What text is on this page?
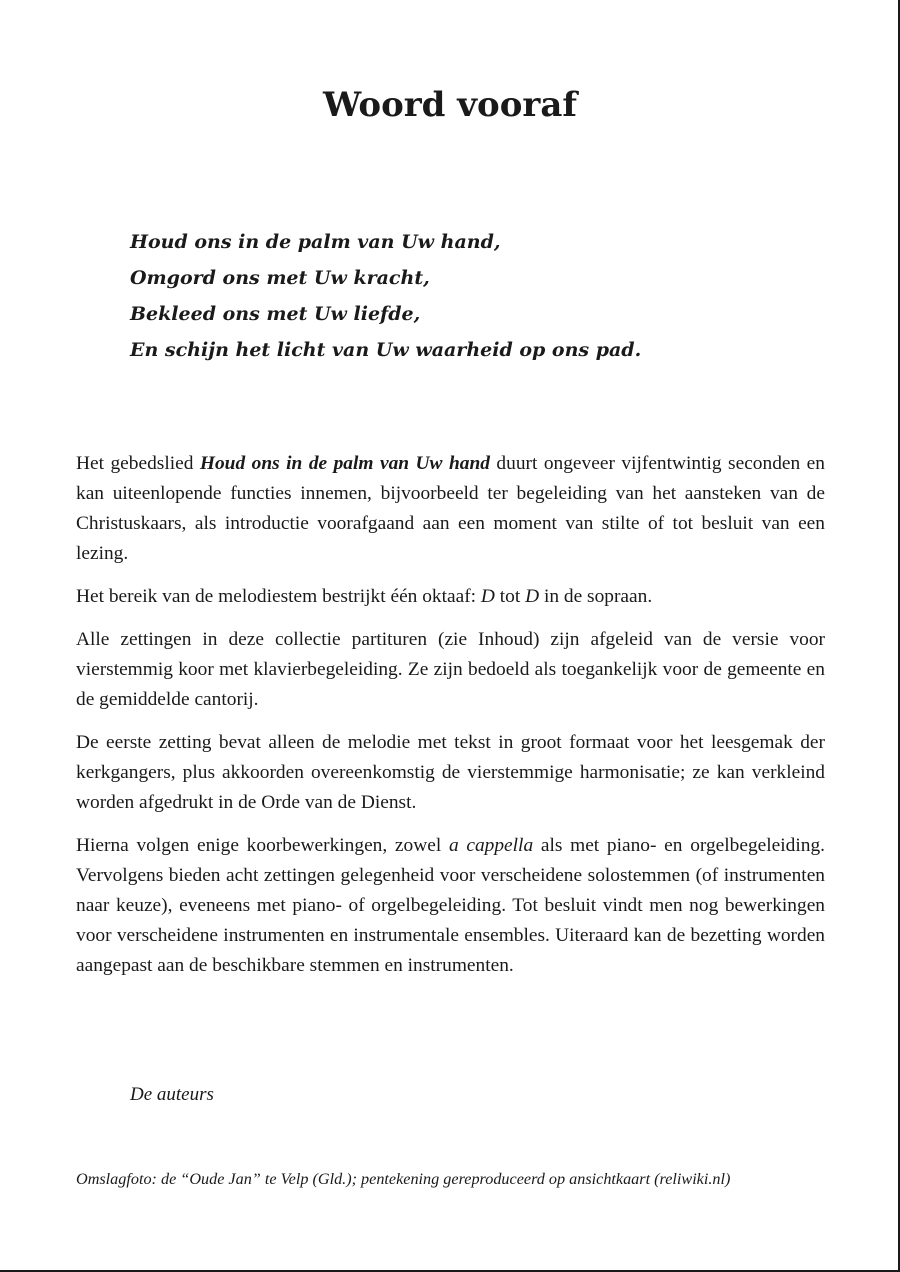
Woord vooraf
Houd ons in de palm van Uw hand,
Omgord ons met Uw kracht,
Bekleed ons met Uw liefde,
En schijn het licht van Uw waarheid op ons pad.

Het gebedslied Houd ons in de palm van Uw hand duurt ongeveer vijfentwintig seconden en kan uiteenlopende functies innemen, bijvoorbeeld ter begeleiding van het aansteken van de Christuskaars, als introductie voorafgaand aan een moment van stilte of tot besluit van een lezing.

Het bereik van de melodiestem bestrijkt één oktaaf: D tot D in de sopraan.

Alle zettingen in deze collectie partituren (zie Inhoud) zijn afgeleid van de versie voor vierstemmig koor met klavierbegeleiding. Ze zijn bedoeld als toegankelijk voor de gemeente en de gemiddelde cantorij.

De eerste zetting bevat alleen de melodie met tekst in groot formaat voor het leesgemak der kerkgangers, plus akkoorden overeenkomstig de vierstemmige harmonisatie; ze kan verkleind worden afgedrukt in de Orde van de Dienst.

Hierna volgen enige koorbewerkingen, zowel a cappella als met piano- en orgelbegeleiding. Vervolgens bieden acht zettingen gelegenheid voor verscheidene solostemmen (of instrumenten naar keuze), eveneens met piano- of orgelbegeleiding. Tot besluit vindt men nog bewerkingen voor verscheidene instrumenten en instrumentale ensembles. Uiteraard kan de bezetting worden aangepast aan de beschikbare stemmen en instrumenten.

De auteurs

Omslagfoto: de “Oude Jan” te Velp (Gld.); pentekening gereproduceerd op ansichtkaart (reliwiki.nl)
